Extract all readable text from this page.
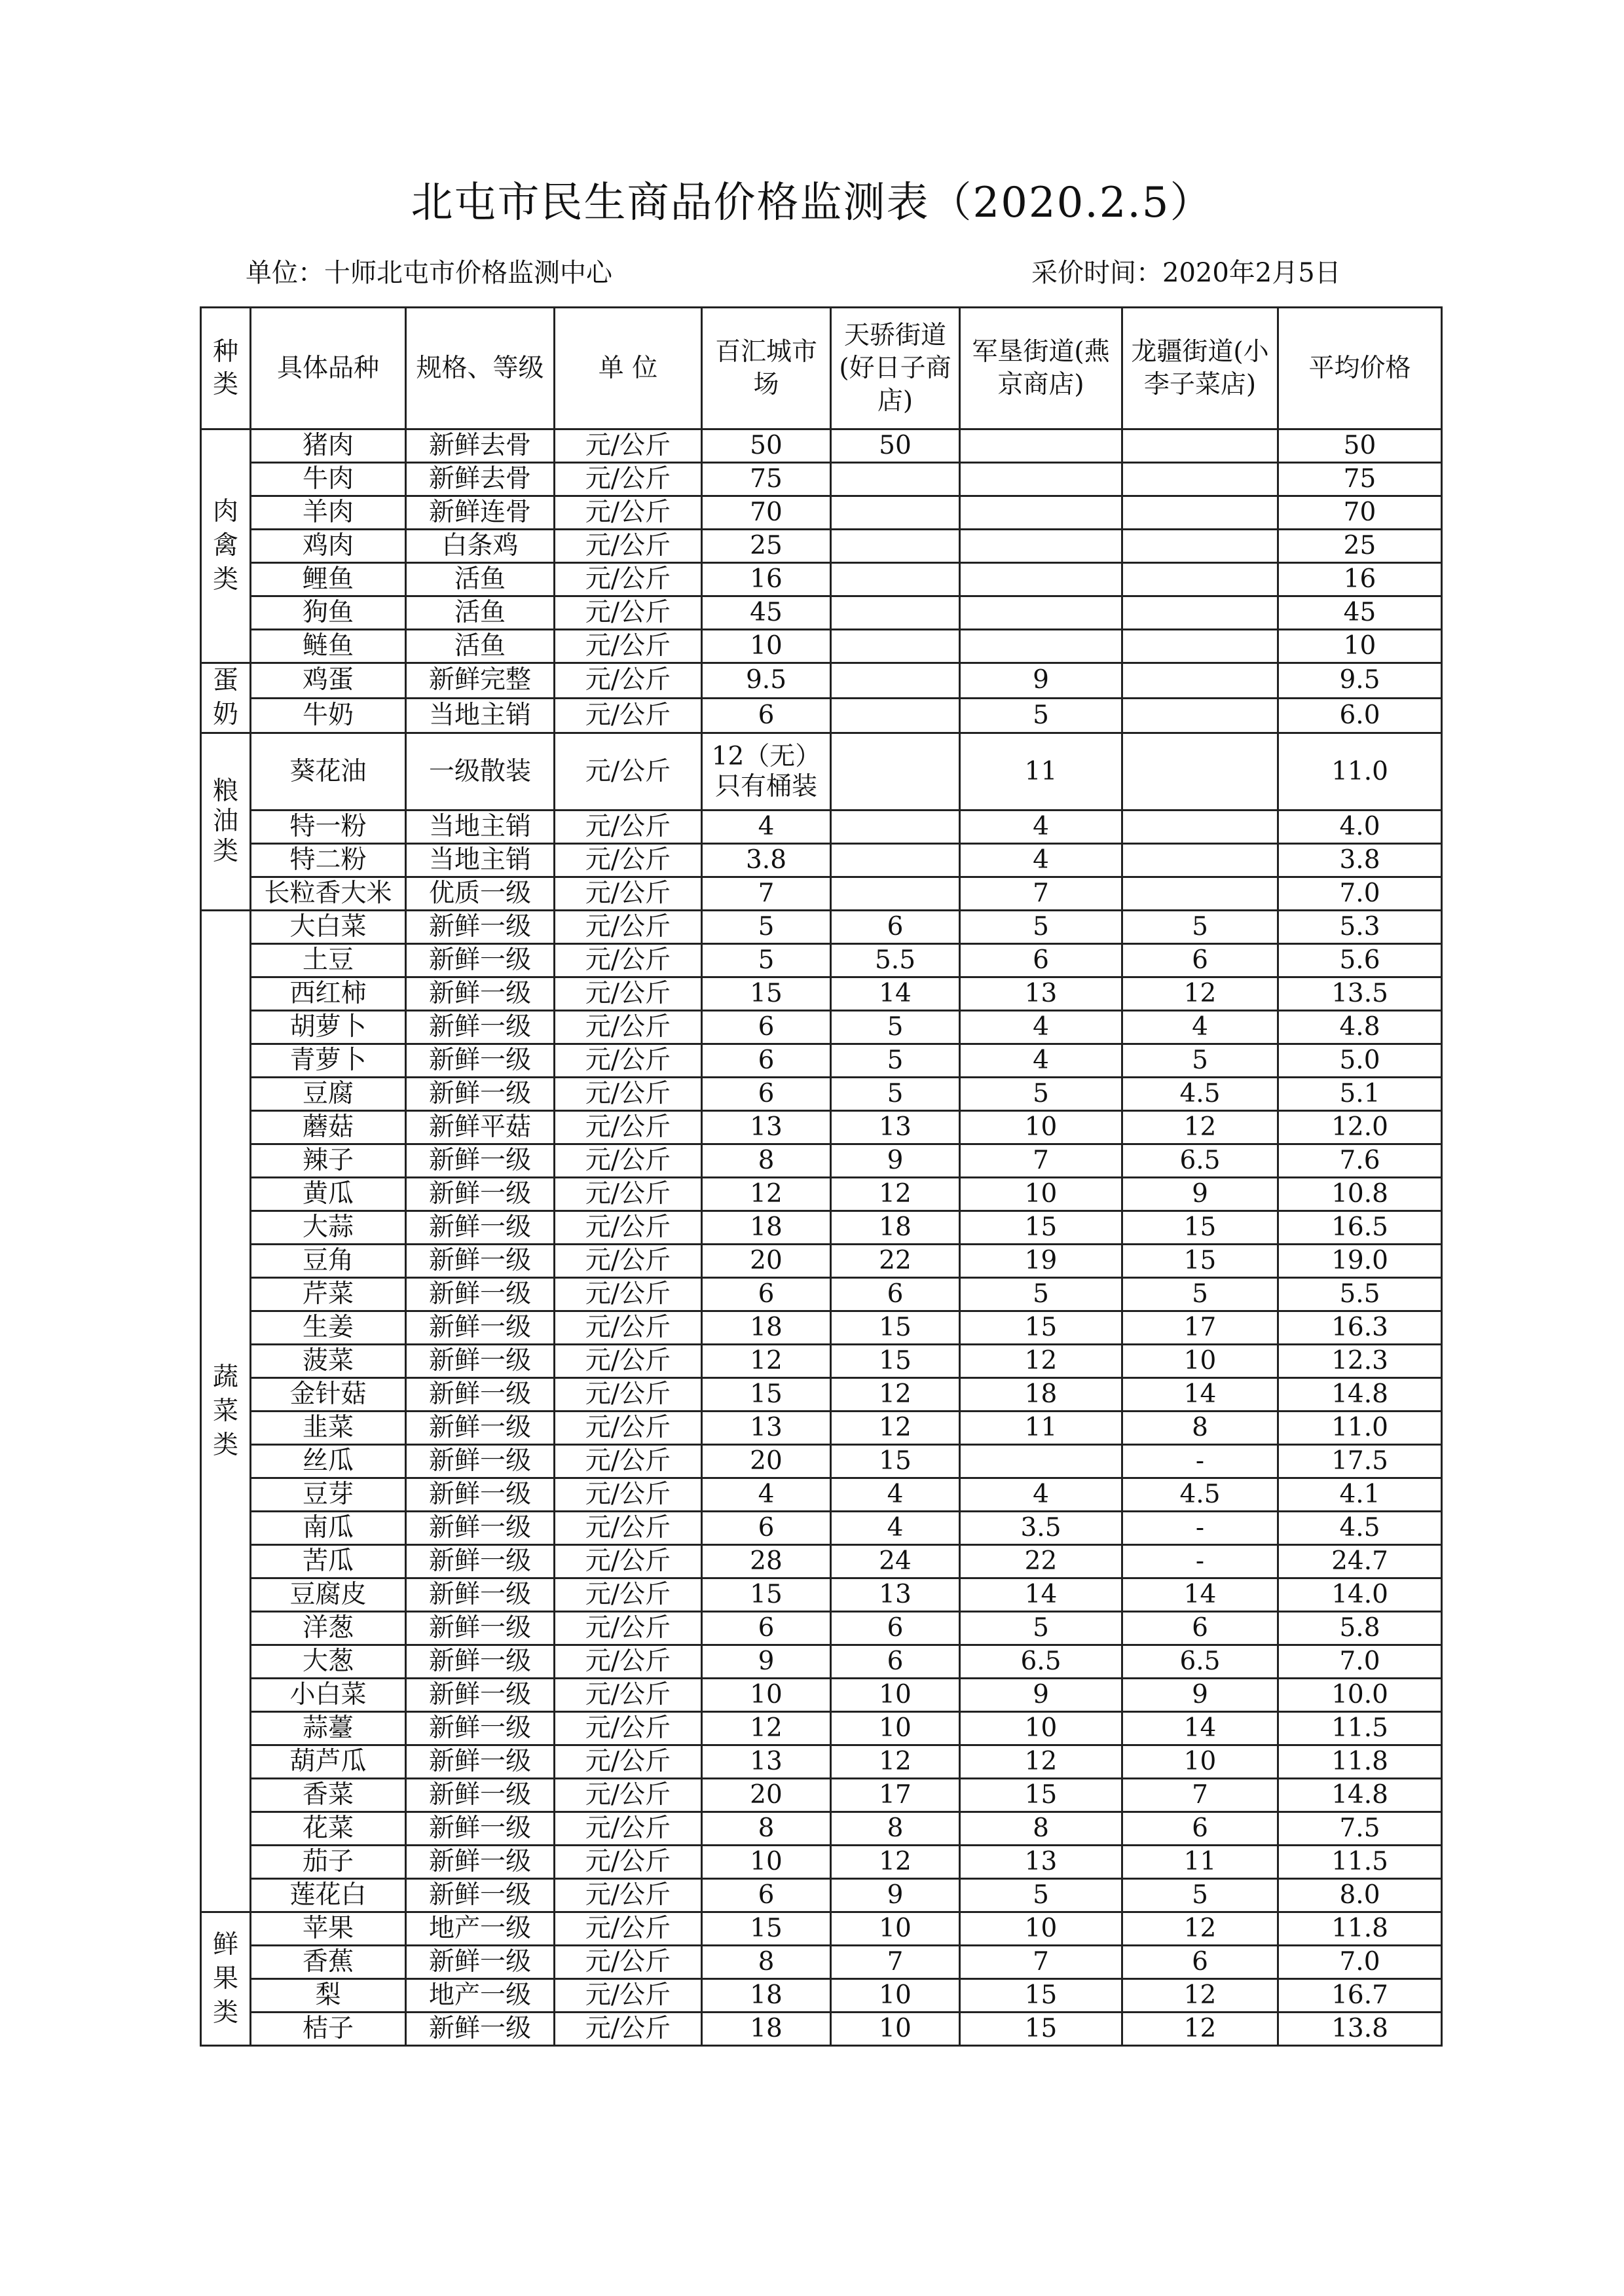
北屯市民生商品价格监测表（2020.2.5）
单位：十师北屯市价格监测中心	采价时间：2020年2月5日
种类	具体品种	规格、等级	单 位	百汇城市场	天骄街道(好日子商店)	军垦街道(燕京商店)	龙疆街道(小李子菜店)	平均价格

肉禽类	猪肉	新鲜去骨	元/公斤	50	50			50
	牛肉	新鲜去骨	元/公斤	75				75
	羊肉	新鲜连骨	元/公斤	70				70
	鸡肉	白条鸡	元/公斤	25				25
	鲤鱼	活鱼	元/公斤	16				16
	狗鱼	活鱼	元/公斤	45				45
	鲢鱼	活鱼	元/公斤	10				10

蛋奶	鸡蛋	新鲜完整	元/公斤	9.5		9		9.5
	牛奶	当地主销	元/公斤	6		5		6.0

粮油类	葵花油	一级散装	元/公斤	12（无）只有桶装		11		11.0
	特一粉	当地主销	元/公斤	4		4		4.0
	特二粉	当地主销	元/公斤	3.8		4		3.8
	长粒香大米	优质一级	元/公斤	7		7		7.0

蔬菜类	大白菜	新鲜一级	元/公斤	5	6	5	5	5.3
	土豆	新鲜一级	元/公斤	5	5.5	6	6	5.6
	西红柿	新鲜一级	元/公斤	15	14	13	12	13.5
	胡萝卜	新鲜一级	元/公斤	6	5	4	4	4.8
	青萝卜	新鲜一级	元/公斤	6	5	4	5	5.0
	豆腐	新鲜一级	元/公斤	6	5	5	4.5	5.1
	蘑菇	新鲜平菇	元/公斤	13	13	10	12	12.0
	辣子	新鲜一级	元/公斤	8	9	7	6.5	7.6
	黄瓜	新鲜一级	元/公斤	12	12	10	9	10.8
	大蒜	新鲜一级	元/公斤	18	18	15	15	16.5
	豆角	新鲜一级	元/公斤	20	22	19	15	19.0
	芹菜	新鲜一级	元/公斤	6	6	5	5	5.5
	生姜	新鲜一级	元/公斤	18	15	15	17	16.3
	菠菜	新鲜一级	元/公斤	12	15	12	10	12.3
	金针菇	新鲜一级	元/公斤	15	12	18	14	14.8
	韭菜	新鲜一级	元/公斤	13	12	11	8	11.0
	丝瓜	新鲜一级	元/公斤	20	15		-	17.5
	豆芽	新鲜一级	元/公斤	4	4	4	4.5	4.1
	南瓜	新鲜一级	元/公斤	6	4	3.5	-	4.5
	苦瓜	新鲜一级	元/公斤	28	24	22	-	24.7
	豆腐皮	新鲜一级	元/公斤	15	13	14	14	14.0
	洋葱	新鲜一级	元/公斤	6	6	5	6	5.8
	大葱	新鲜一级	元/公斤	9	6	6.5	6.5	7.0
	小白菜	新鲜一级	元/公斤	10	10	9	9	10.0
	蒜薹	新鲜一级	元/公斤	12	10	10	14	11.5
	葫芦瓜	新鲜一级	元/公斤	13	12	12	10	11.8
	香菜	新鲜一级	元/公斤	20	17	15	7	14.8
	花菜	新鲜一级	元/公斤	8	8	8	6	7.5
	茄子	新鲜一级	元/公斤	10	12	13	11	11.5
	莲花白	新鲜一级	元/公斤	6	9	5	5	8.0

鲜果类	苹果	地产一级	元/公斤	15	10	10	12	11.8
	香蕉	新鲜一级	元/公斤	8	7	7	6	7.0
	梨	地产一级	元/公斤	18	10	15	12	16.7
	桔子	新鲜一级	元/公斤	18	10	15	12	13.8
